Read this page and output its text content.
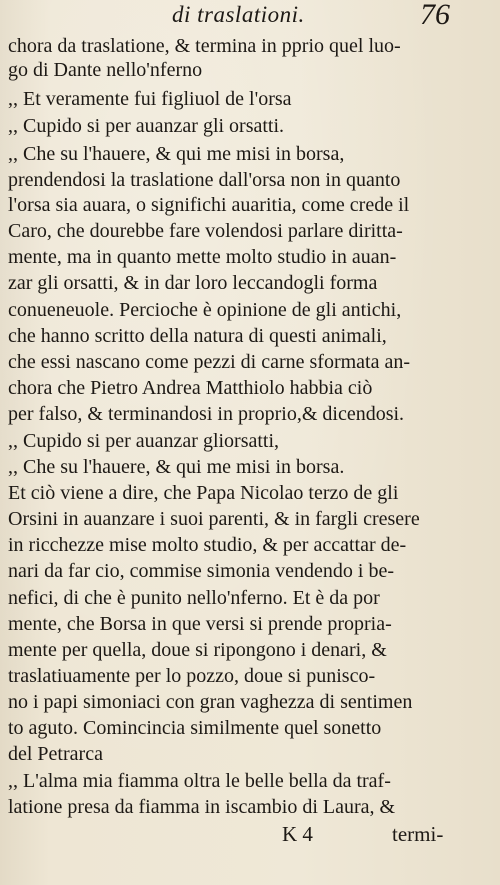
di traslationi.	76
chora da traslatione, & termina in pprio quel luo-
go di Dante nello'nferno
,, Et veramente fui figliuol de l'orsa
,, Cupido si per auanzar gli orsatti.
,, Che su l'hauere, & qui me misi in borsa,
prendendosi la traslatione dall'orsa non in quanto
l'orsa sia auara, o significhi auaritia, come crede il
Caro, che dourebbe fare volendosi parlare diritta-
mente, ma in quanto mette molto studio in auan-
zar gli orsatti, & in dar loro leccandogli forma
conueneuole. Percioche è opinione de gli antichi,
che hanno scritto della natura di questi animali,
che essi nascano come pezzi di carne sformata an-
chora che Pietro Andrea Matthiolo habbia ciò
per falso, & terminandosi in proprio,& dicendosi.
,, Cupido si per auanzar gliorsatti,
,, Che su l'hauere, & qui me misi in borsa.
Et ciò viene a dire, che Papa Nicolao terzo de gli
Orsini in auanzare i suoi parenti, & in fargli cresere
in ricchezze mise molto studio, & per accattar de-
nari da far cio, commise simonia vendendo i be-
nefici, di che è punito nello'nferno. Et è da por
mente, che Borsa in que versi si prende propria-
mente per quella, doue si ripongono i denari, &
traslatiuamente per lo pozzo, doue si punisco-
no i papi simoniaci con gran vaghezza di sentimen
to aguto. Comincincia similmente quel sonetto
del Petrarca
,, L'alma mia fiamma oltra le belle bella da traf-
latione presa da fiamma in iscambio di Laura, &
K 4	termi-
